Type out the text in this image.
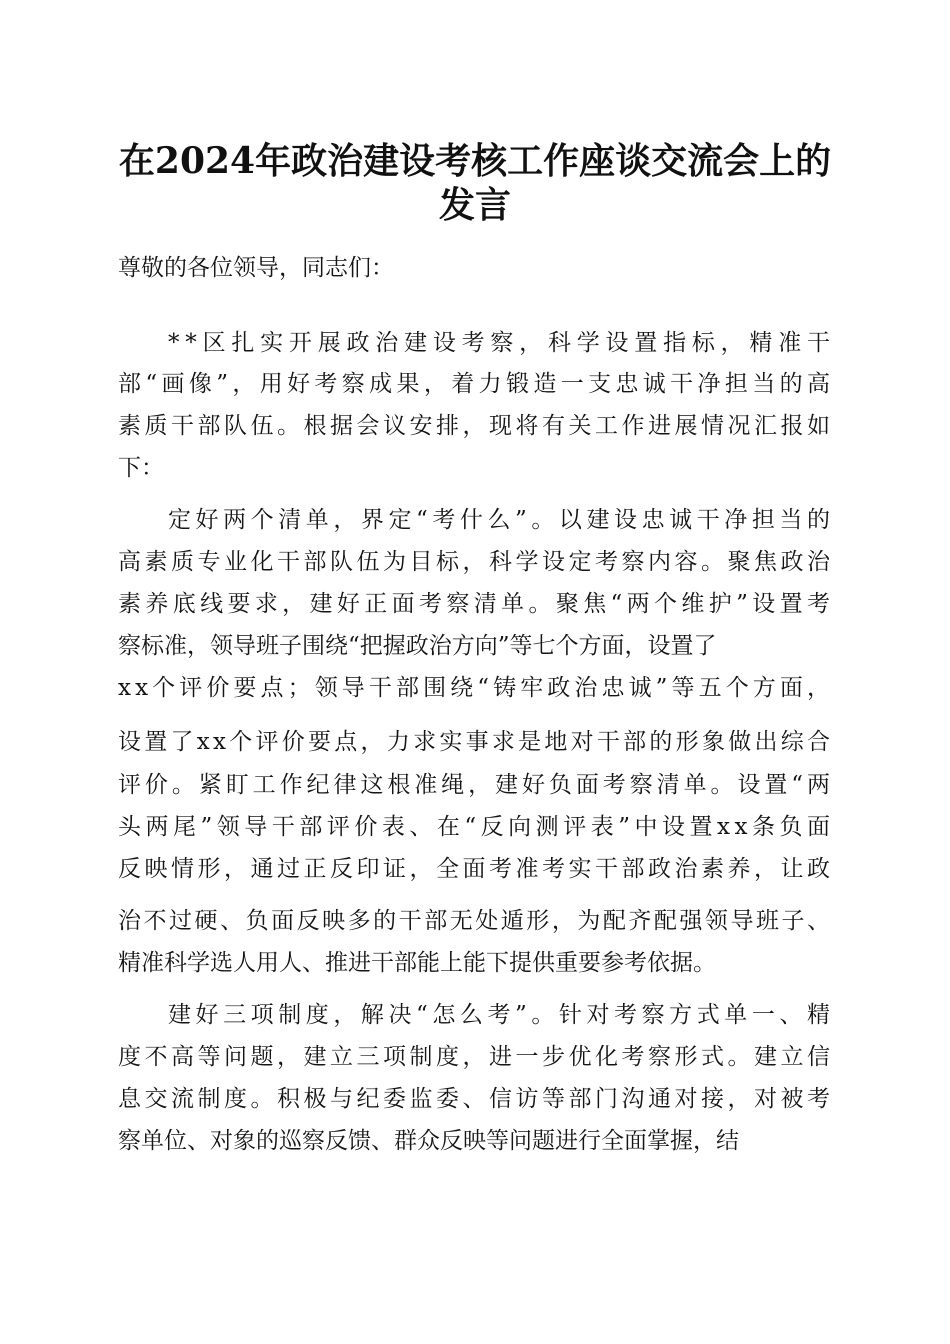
在2024年政治建设考核工作座谈交流会上的
发言
尊敬的各位领导，同志们：
**区扎实开展政治建设考察，科学设置指标，精准干
部“画像”，用好考察成果，着力锻造一支忠诚干净担当的高
素质干部队伍。根据会议安排，现将有关工作进展情况汇报如
下：
定好两个清单，界定“考什么”。以建设忠诚干净担当的
高素质专业化干部队伍为目标，科学设定考察内容。聚焦政治
素养底线要求，建好正面考察清单。聚焦“两个维护”设置考
察标准，领导班子围绕“把握政治方向”等七个方面，设置了
xx个评价要点；领导干部围绕“铸牢政治忠诚”等五个方面，
设置了xx个评价要点，力求实事求是地对干部的形象做出综合
评价。紧盯工作纪律这根准绳，建好负面考察清单。设置“两
头两尾”领导干部评价表、在“反向测评表”中设置xx条负面
反映情形，通过正反印证，全面考准考实干部政治素养，让政
治不过硬、负面反映多的干部无处遁形，为配齐配强领导班子、
精准科学选人用人、推进干部能上能下提供重要参考依据。
建好三项制度，解决“怎么考”。针对考察方式单一、精
度不高等问题，建立三项制度，进一步优化考察形式。建立信
息交流制度。积极与纪委监委、信访等部门沟通对接，对被考
察单位、对象的巡察反馈、群众反映等问题进行全面掌握，结
